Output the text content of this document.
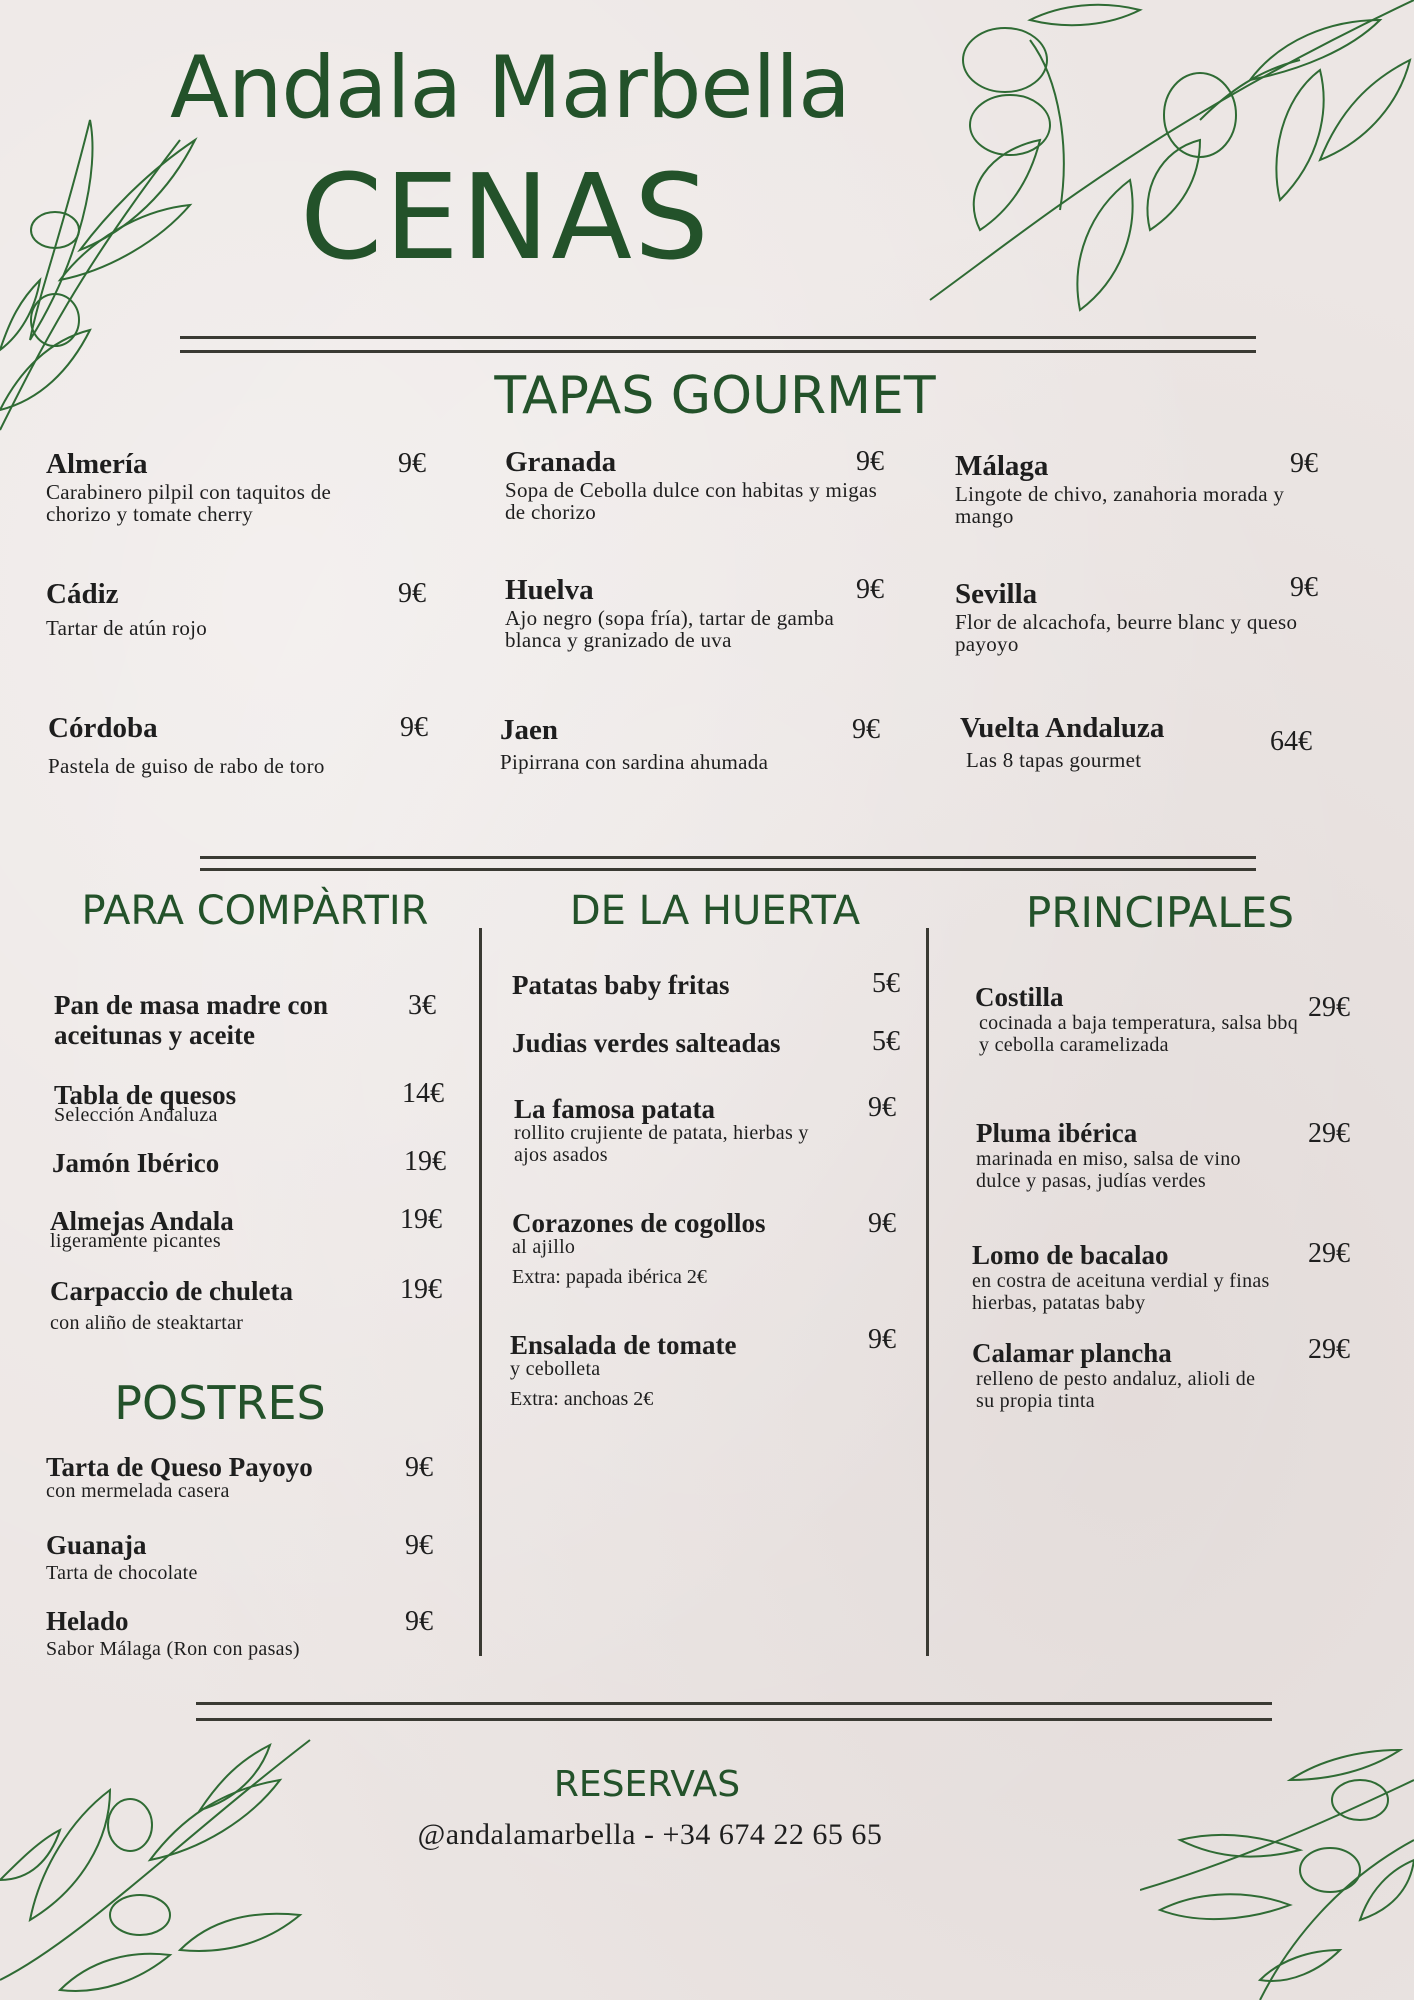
Andala Marbella
CENAS
TAPAS GOURMET
Almería
Carabinero pilpil con taquitos de chorizo y tomate cherry
9€	Granada
Sopa de Cebolla dulce con habitas y migas de chorizo
9€ Málaga
Lingote de chivo, zanahoria morada y mango
9€
Cádiz
Tartar de atún rojo
9€	Huelva
Ajo negro (sopa fría), tartar de gamba blanca y granizado de uva
9€ Sevilla
Flor de alcachofa, beurre blanc y queso payoyo
9€
Córdoba
Pastela de guiso de rabo de toro
9€ Jaen
Pipirrana con sardina ahumada
9€	Vuelta Andaluza
Las 8 tapas gourmet
64€
PARA COMPÀRTIR	DE LA HUERTA	PRINCIPALES
Pan de masa madre con aceitunas y aceite
3€
Tabla de quesos
Selección Andaluza
14€
Jamón Ibérico	19€
Almejas Andala
ligeramente picantes
19€
Carpaccio de chuleta
con aliño de steaktartar
19€
POSTRES
Tarta de Queso Payoyo
con mermelada casera
9€
Guanaja
Tarta de chocolate
9€
Helado
Sabor Málaga (Ron con pasas)
9€
Patatas baby fritas	5€
Judias verdes salteadas	5€
La famosa patata
rollito crujiente de patata, hierbas y ajos asados
9€
Corazones de cogollos
al ajillo
Extra: papada ibérica 2€
9€
Ensalada de tomate
y cebolleta
Extra: anchoas 2€
9€
Costilla
cocinada a baja temperatura, salsa bbq y cebolla caramelizada
29€
Pluma ibérica
marinada en miso, salsa de vino dulce y pasas, judías verdes
29€
Lomo de bacalao
en costra de aceituna verdial y finas hierbas, patatas baby
29€
Calamar plancha
relleno de pesto andaluz, alioli de su propia tinta
29€
RESERVAS
@andalamarbella - +34 674 22 65 65
